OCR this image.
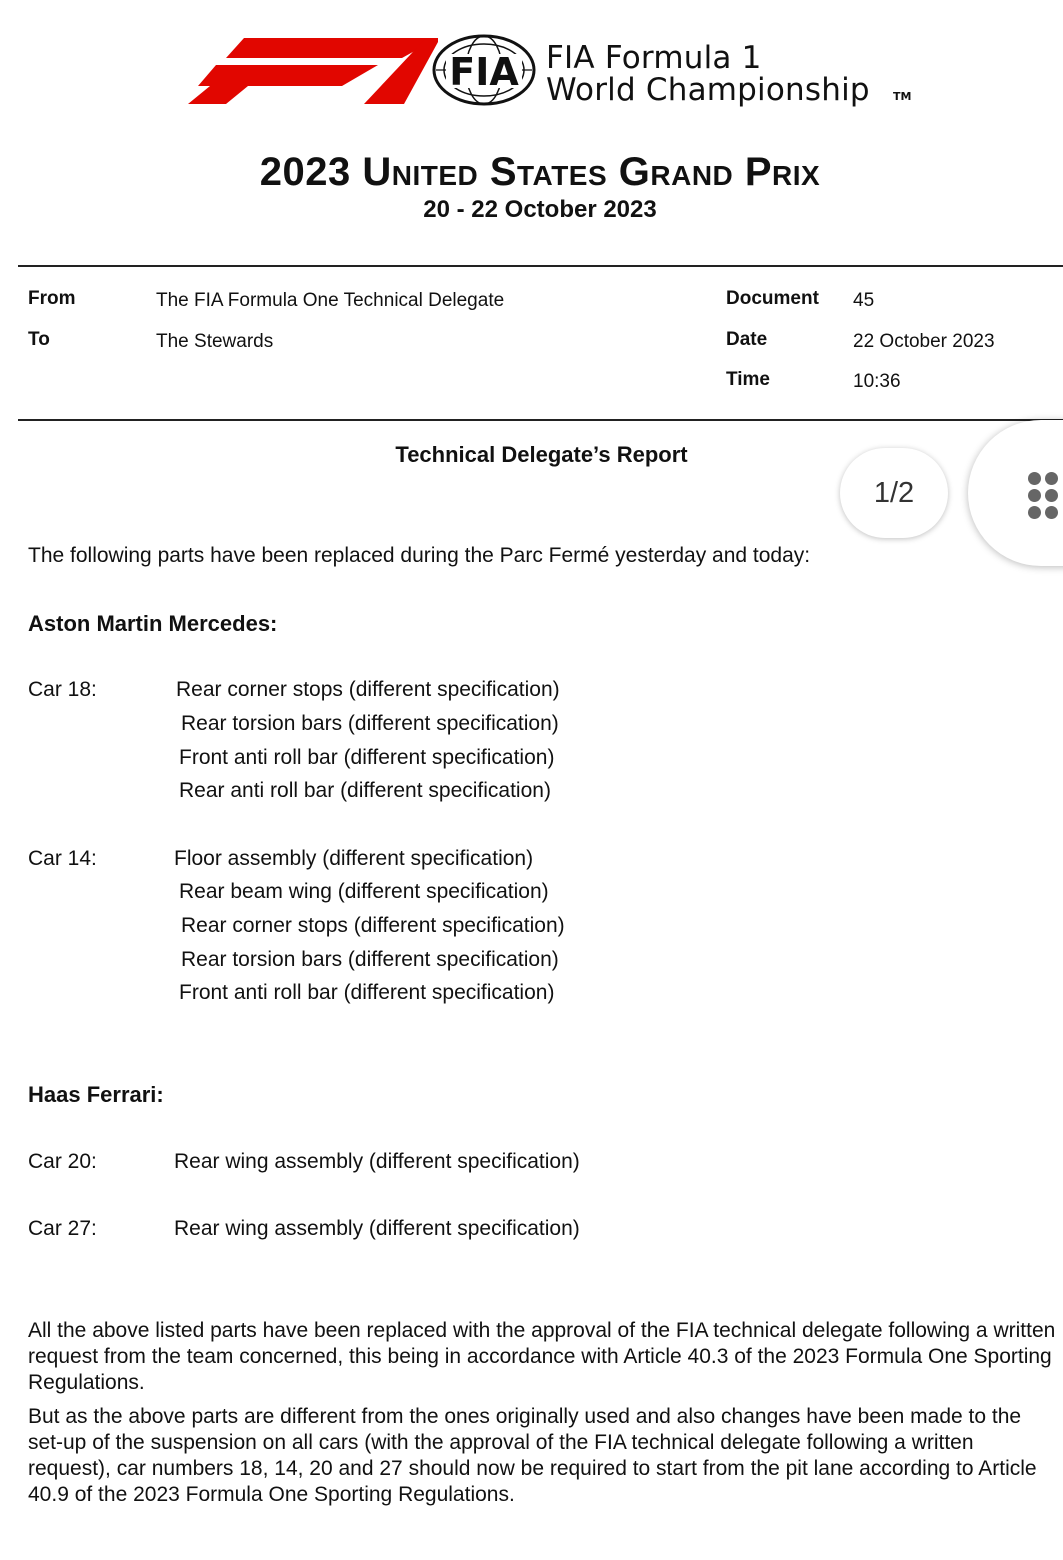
FIA FIA Formula 1
World Championship TM
2023 United States Grand Prix
20 - 22 October 2023
From	The FIA Formula One Technical Delegate
To	The Stewards
Document 45
Date	22 October 2023
Time	10:36
Technical Delegate’s Report
The following parts have been replaced during the Parc Fermé yesterday and today:
Aston Martin Mercedes:
Car 18:	Rear corner stops (different specification)
Rear torsion bars (different specification)
Front anti roll bar (different specification)
Rear anti roll bar (different specification)
Car 14:	Floor assembly (different specification)
Rear beam wing (different specification)
Rear corner stops (different specification)
Rear torsion bars (different specification)
Front anti roll bar (different specification)
Haas Ferrari:
Car 20:	Rear wing assembly (different specification)
Car 27:	Rear wing assembly (different specification)
All the above listed parts have been replaced with the approval of the FIA technical delegate following a written request from the team concerned, this being in accordance with Article 40.3 of the 2023 Formula One Sporting Regulations.
But as the above parts are different from the ones originally used and also changes have been made to the set-up of the suspension on all cars (with the approval of the FIA technical delegate following a written request), car numbers 18, 14, 20 and 27 should now be required to start from the pit lane according to Article 40.9 of the 2023 Formula One Sporting Regulations.
1/2
